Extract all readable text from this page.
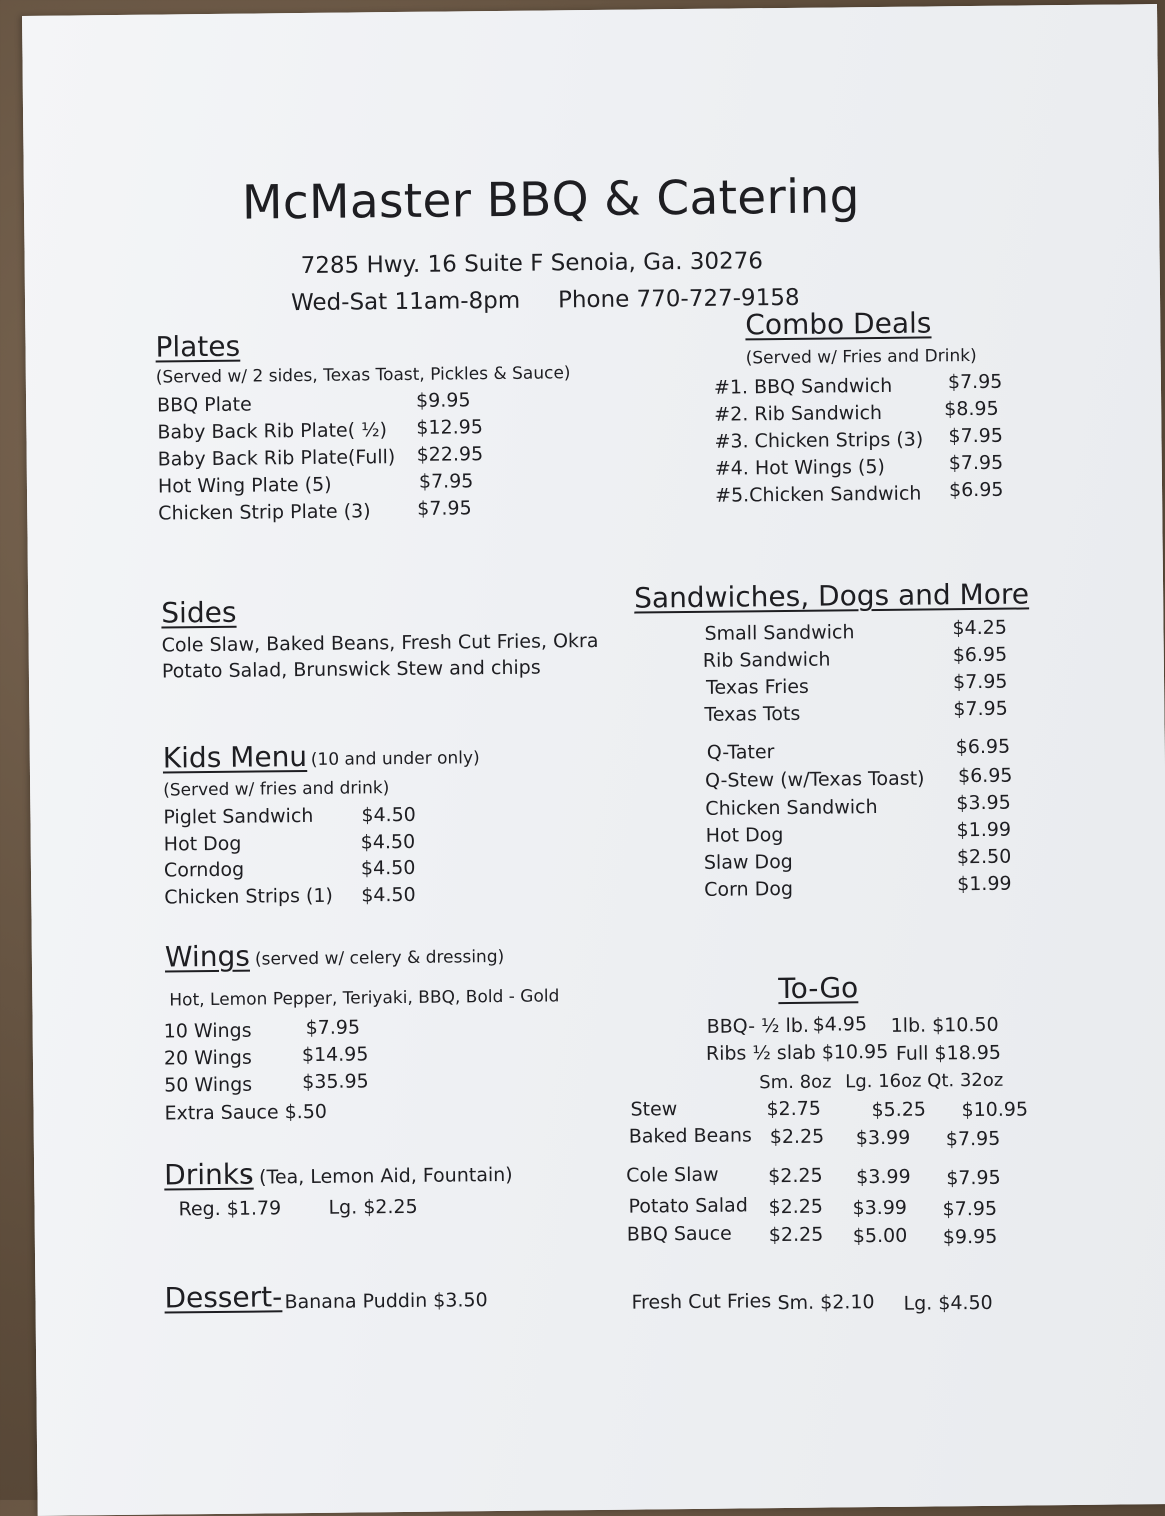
McMaster BBQ & Catering
7285 Hwy. 16 Suite F Senoia, Ga. 30276
Wed-Sat 11am-8pm Phone 770-727-9158
Plates
(Served w/ 2 sides, Texas Toast, Pickles & Sauce)
BBQ Plate	$9.95
Baby Back Rib Plate( ½) $12.95
Baby Back Rib Plate(Full) $22.95
Hot Wing Plate (5)	$7.95
Chicken Strip Plate (3) $7.95
Combo Deals
(Served w/ Fries and Drink)
#1. BBQ Sandwich	$7.95
#2. Rib Sandwich	$8.95
#3. Chicken Strips (3) $7.95
#4. Hot Wings (5)	$7.95
#5.Chicken Sandwich $6.95
Sides
Cole Slaw, Baked Beans, Fresh Cut Fries, Okra
Potato Salad, Brunswick Stew and chips
Sandwiches, Dogs and More
Small Sandwich	$4.25
Rib Sandwich	$6.95
Texas Fries	$7.95
Texas Tots	$7.95
Q-Tater	$6.95
Q-Stew (w/Texas Toast) $6.95
Chicken Sandwich	$3.95
Hot Dog	$1.99
Slaw Dog	$2.50
Corn Dog	$1.99
Kids Menu (10 and under only)
(Served w/ fries and drink)
Piglet Sandwich	$4.50
Hot Dog	$4.50
Corndog	$4.50
Chicken Strips (1) $4.50
Wings (served w/ celery & dressing)
Hot, Lemon Pepper, Teriyaki, BBQ, Bold - Gold
10 Wings	$7.95
20 Wings	$14.95
50 Wings	$35.95
Extra Sauce $.50
Drinks
- (Tea, Lemon Aid, Fountain)
Reg. $1.79 Lg. $2.25
Dessert- Banana Puddin $3.50
To-Go
BBQ- ½ lb. $4.95 1lb. $10.50
Ribs ½ slab $10.95 Full $18.95
Sm. 8oz Lg. 16oz Qt. 32oz
Stew	$2.75	$5.25 $10.95
Baked Beans $2.25 $3.99 $7.95
Cole Slaw	$2.25 $3.99 $7.95
Potato Salad $2.25 $3.99 $7.95
BBQ Sauce $2.25 $5.00 $9.95
Fresh Cut Fries Sm. $2.10 Lg. $4.50
